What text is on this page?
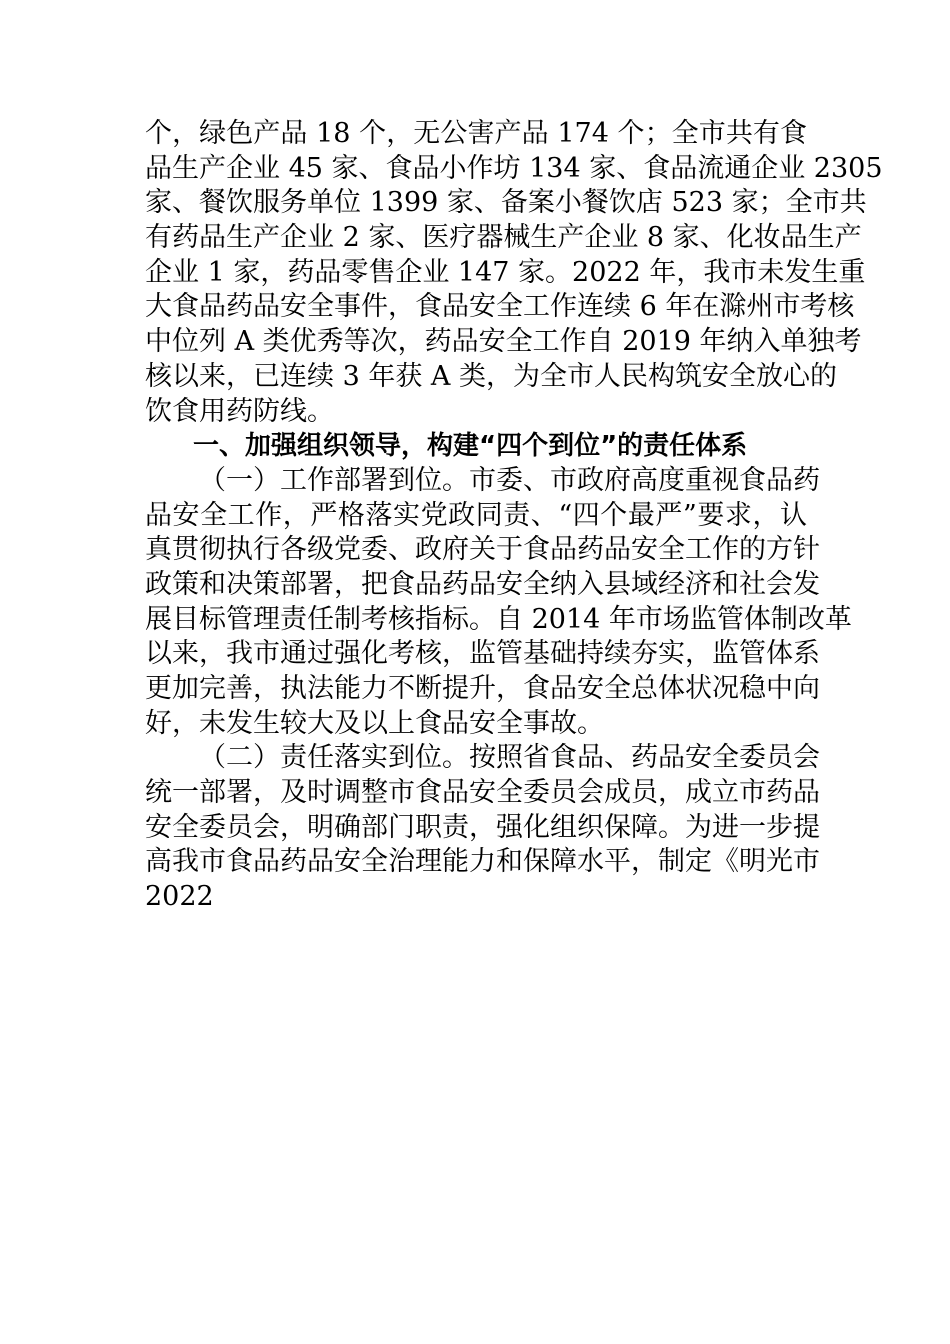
个，绿色产品 18 个，无公害产品 174 个；全市共有食
品生产企业 45 家、食品小作坊 134 家、食品流通企业 2305
家、餐饮服务单位 1399 家、备案小餐饮店 523 家；全市共
有药品生产企业 2 家、医疗器械生产企业 8 家、化妆品生产
企业 1 家，药品零售企业 147 家。2022 年，我市未发生重
大食品药品安全事件，食品安全工作连续 6 年在滁州市考核
中位列 A 类优秀等次，药品安全工作自 2019 年纳入单独考
核以来，已连续 3 年获 A 类，为全市人民构筑安全放心的
饮食用药防线。
一、加强组织领导，构建“四个到位”的责任体系
（一）工作部署到位。市委、市政府高度重视食品药
品安全工作，严格落实党政同责、“四个最严”要求，认
真贯彻执行各级党委、政府关于食品药品安全工作的方针
政策和决策部署，把食品药品安全纳入县域经济和社会发
展目标管理责任制考核指标。自 2014 年市场监管体制改革
以来，我市通过强化考核，监管基础持续夯实，监管体系
更加完善，执法能力不断提升，食品安全总体状况稳中向
好，未发生较大及以上食品安全事故。
（二）责任落实到位。按照省食品、药品安全委员会
统一部署，及时调整市食品安全委员会成员，成立市药品
安全委员会，明确部门职责，强化组织保障。为进一步提
高我市食品药品安全治理能力和保障水平，制定《明光市
2022
